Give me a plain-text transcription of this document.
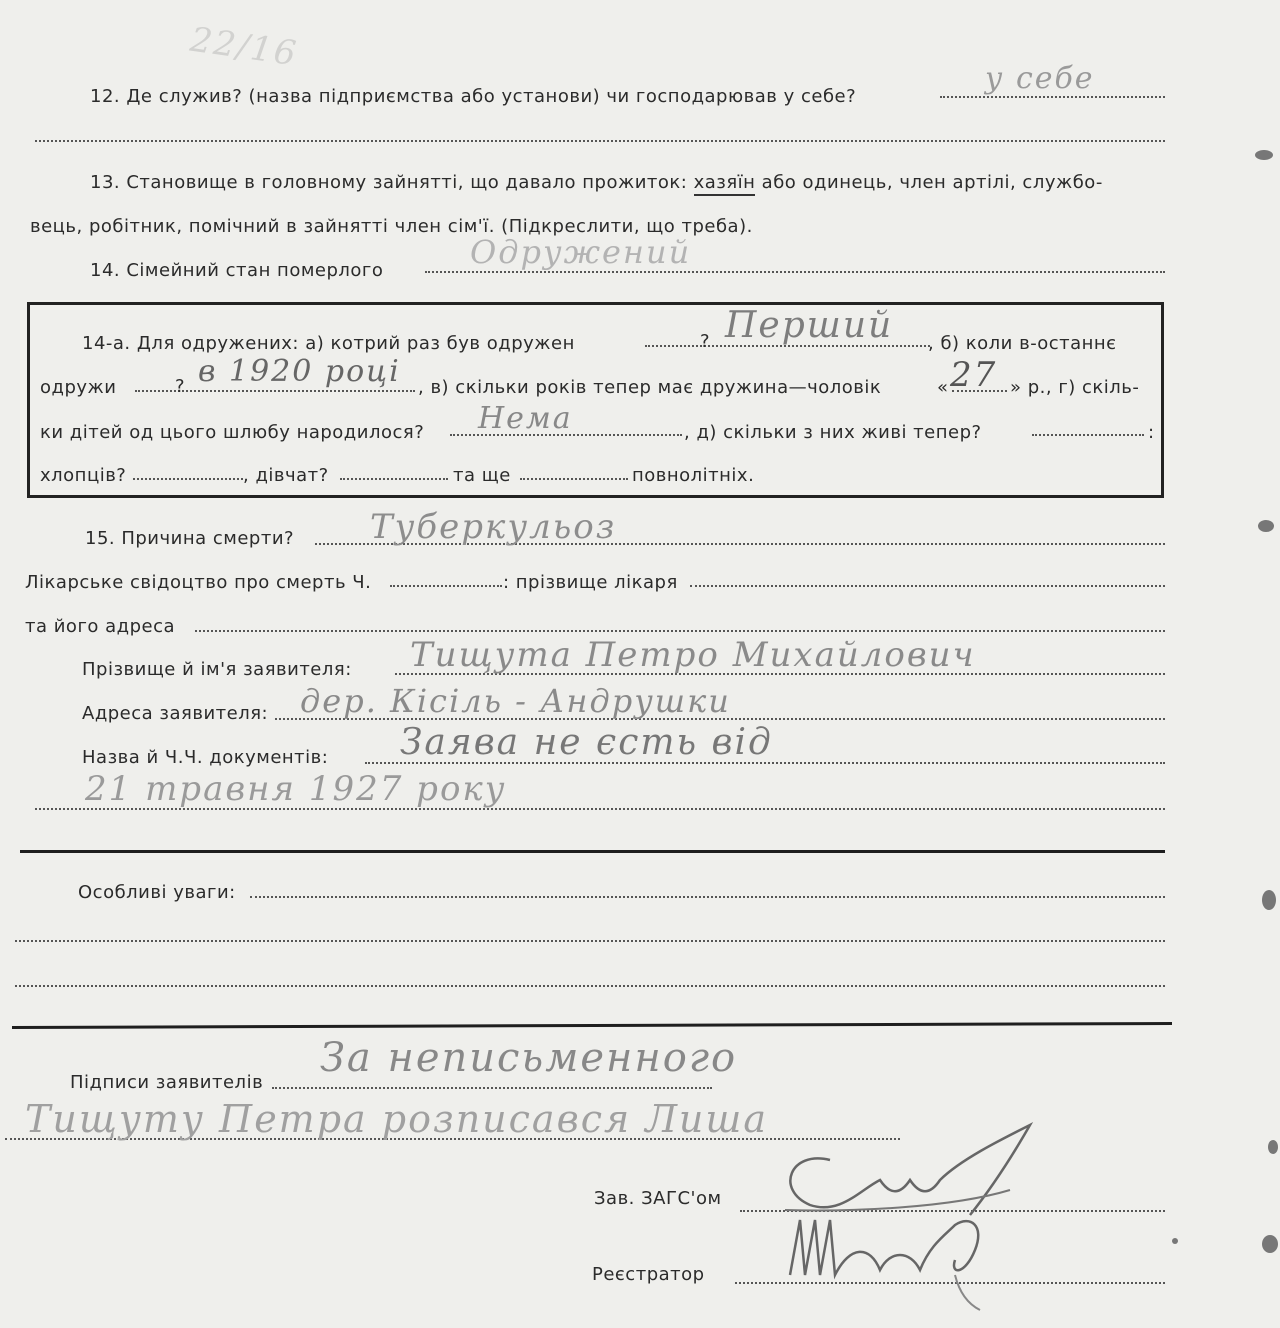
22/16
12. Де служив? (назва підприємства або установи) чи господарював у себе?
у себе
13. Становище в головному зайнятті, що давало прожиток: хазяїн або одинець, член артілі, службо-
вець, робітник, помічний в зайнятті член сім'ї. (Підкреслити, що треба).
14. Сімейний стан померлого	Одружений
14-а. Для одружених: а) котрий раз був одружен	? Перший , б) коли в-останнє
одружи	? в 1920 році , в) скільки років тепер має дружина—чоловік	« 27 » р., г) скіль-
ки дітей од цього шлюбу народилося? Нема	, д) скільки з них живі тепер?	:
хлопців?	, дівчат?	та ще	повнолітніх.
15. Причина смерти? Туберкульоз
Лікарське свідоцтво про смерть Ч.	: прізвище лікаря
та його адреса
Прізвище й ім'я заявителя: Тищута Петро Михайлович
Адреса заявителя: дер. Кісіль - Андрушки
Назва й Ч.Ч. документів: Заява не єсть від
21 травня 1927 року
Особливі уваги:
Підписи заявителів
За неписьменного
Тищуту Петра розписався Лиша
Зав. ЗАГС'ом
Реєстратор
